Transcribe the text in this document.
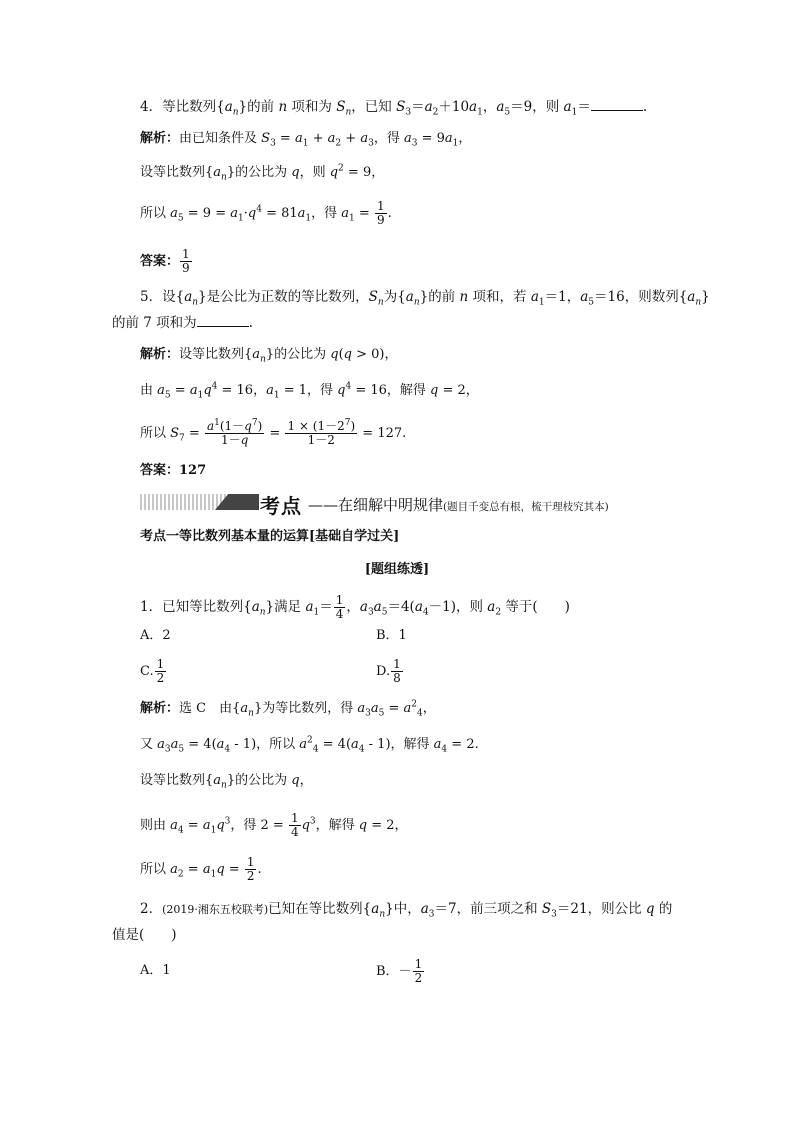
4．等比数列$\{a_n\}$的前 n 项和为 $S_n$，已知 $S_3=a_2+10a_1$，$a_5=9$，则 $a_1=$	.
解析：由已知条件及 $S_3 = a_1 + a_2 + a_3$，得 $a_3 = 9a_1$，
设等比数列$\{a_n\}$的公比为 q，则 $q^2 = 9$，
所以 $a_5 = 9 = a_1\cdot q^4 = 81a_1$，得 $a_1 = \frac{1}{9}$ .
答案： $\frac{1}{9}$
5．设$\{a_n\}$是公比为正数的等比数列，$S_n$为$\{a_n\}$的前 n 项和，若 $a_1=1$，$a_5=16$，则数列$\{a_n\}$
的前 7 项和为	.
解析：设等比数列$\{a_n\}$的公比为 q(q > 0)，
由 $a_5 = a_1q^4 = 16$，$a_1 = 1$，得 $q^4 = 16$，解得 q = 2，
所以 $S_7 = \frac{a^1(1-q^7)}{1-q} = \frac{1 \times (1-2^7)}{1-2} = 127$.
答案：127
考点 ——在细解中明规律(题目千变总有根，梳干理枝究其本)
考点一等比数列基本量的运算[基础自学过关]
[题组练透]
1．已知等比数列$\{a_n\}$满足 $a_1= \frac{1}{4}$ ，$a_3a_5=4(a_4-1)$，则 $a_2$ 等于(　　)
A．2	B．1
C. $\frac{1}{2}$	D. $\frac{1}{8}$
解析：选 C　由$\{a_n\}$为等比数列，得 $a_3a_5 = a^2_4$，
又 $a_3a_5 = 4(a_4 - 1)$，所以 $a^2_4 = 4(a_4 - 1)$，解得 $a_4 = 2$.
设等比数列$\{a_n\}$的公比为 q，
则由 $a_4 = a_1q^3$，得 $2 = \frac{1}{4} q^3$，解得 q = 2，
所以 $a_2 = a_1q = \frac{1}{2}$ .
2．(2019·湘东五校联考)已知在等比数列$\{a_n\}$中，$a_3=7$，前三项之和 $S_3=21$，则公比 q 的
值是(　　)
A．1	B．－ $\frac{1}{2}$
